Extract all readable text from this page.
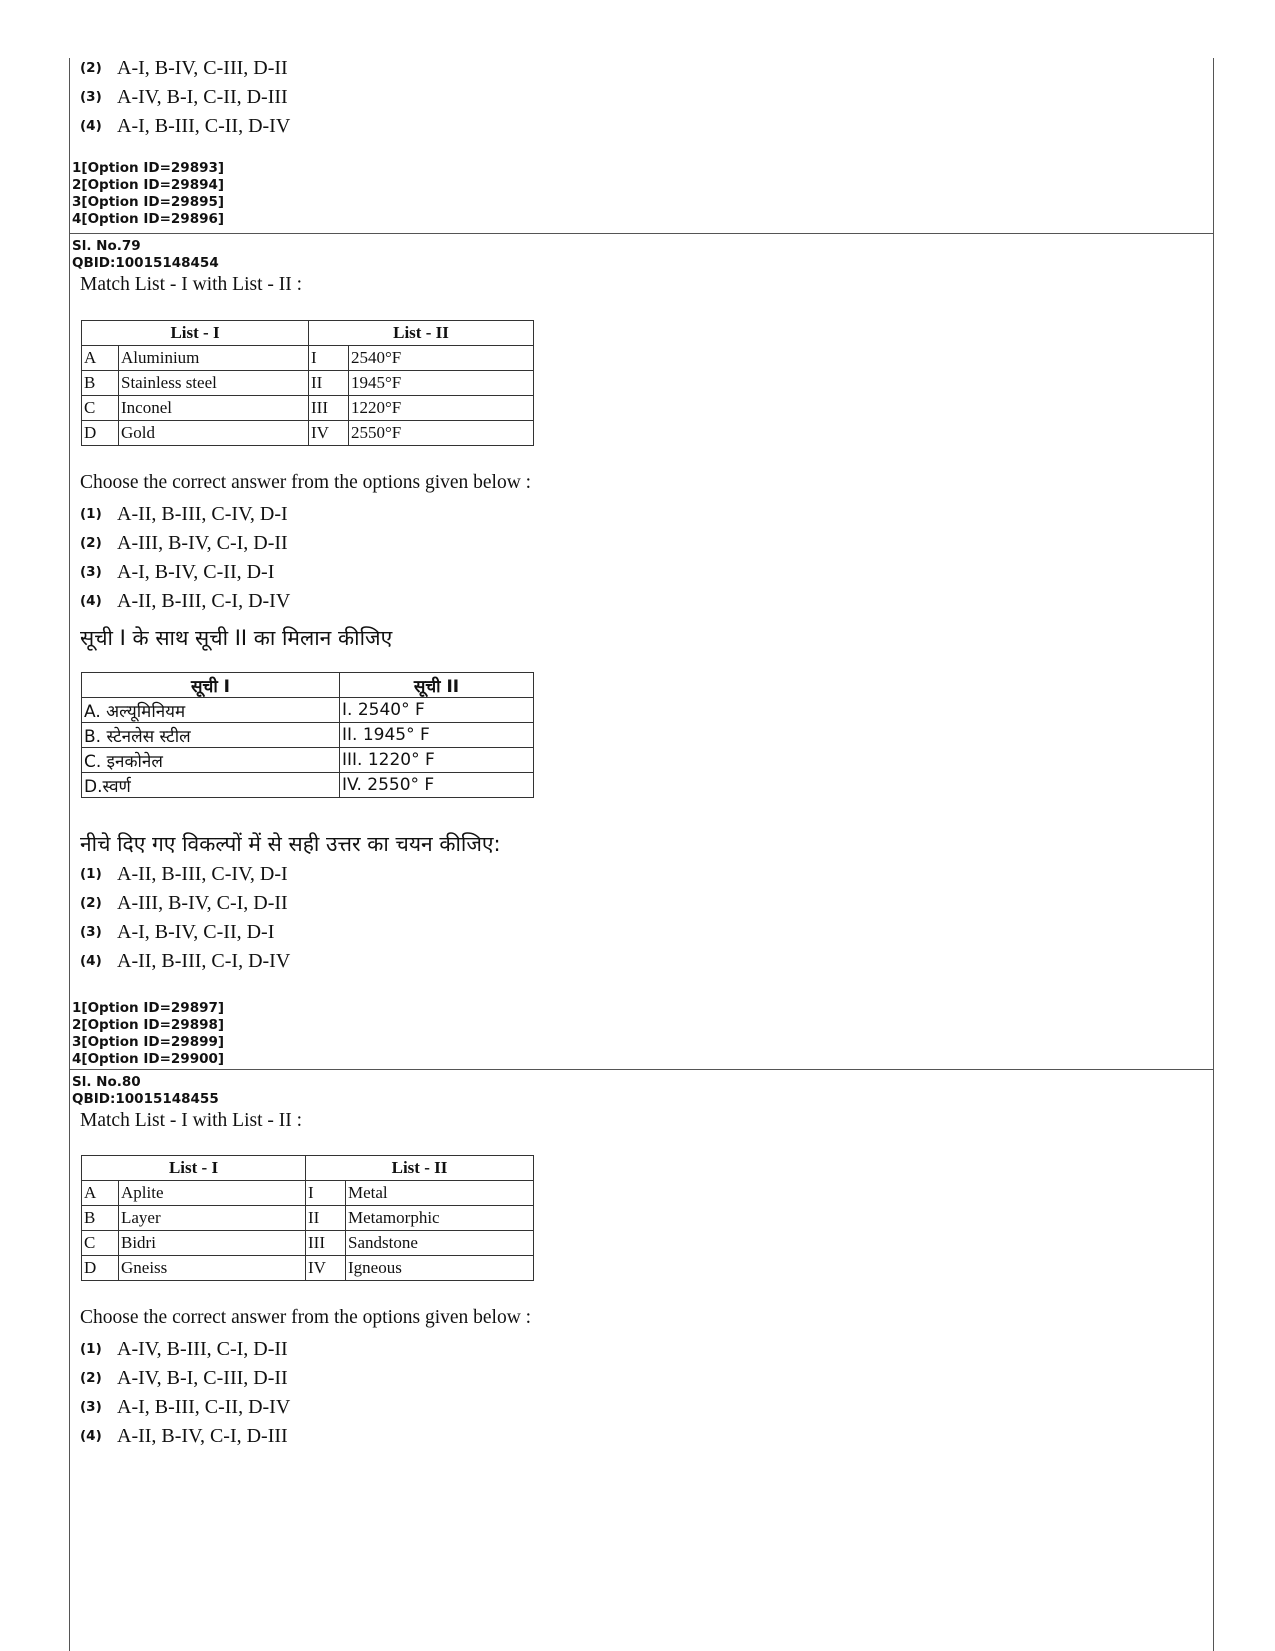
(2) A-I, B-IV, C-III, D-II
(3) A-IV, B-I, C-II, D-III
(4) A-I, B-III, C-II, D-IV
1[Option ID=29893]
2[Option ID=29894]
3[Option ID=29895]
4[Option ID=29896]
Sl. No.79
QBID:10015148454
Match List - I with List - II :
List - I		List - II	
A	Aluminium	I	2540°F
B	Stainless steel	II	1945°F
C	Inconel	III	1220°F
D	Gold	IV	2550°F
Choose the correct answer from the options given below :
(1) A-II, B-III, C-IV, D-I
(2) A-III, B-IV, C-I, D-II
(3) A-I, B-IV, C-II, D-I
(4) A-II, B-III, C-I, D-IV
सूची I के साथ सूची II का मिलान कीजिए
सूची I	सूची II
A. अल्यूमिनियम	I. 2540° F
B. स्टेनलेस स्टील	II. 1945° F
C. इनकोनेल	III. 1220° F
D.स्वर्ण	IV. 2550° F
नीचे दिए गए विकल्पों में से सही उत्तर का चयन कीजिए:
(1) A-II, B-III, C-IV, D-I
(2) A-III, B-IV, C-I, D-II
(3) A-I, B-IV, C-II, D-I
(4) A-II, B-III, C-I, D-IV
1[Option ID=29897]
2[Option ID=29898]
3[Option ID=29899]
4[Option ID=29900]
Sl. No.80
QBID:10015148455
Match List - I with List - II :
List - I		List - II	
A	Aplite	I	Metal
B	Layer	II	Metamorphic
C	Bidri	III	Sandstone
D	Gneiss	IV	Igneous
Choose the correct answer from the options given below :
(1) A-IV, B-III, C-I, D-II
(2) A-IV, B-I, C-III, D-II
(3) A-I, B-III, C-II, D-IV
(4) A-II, B-IV, C-I, D-III
